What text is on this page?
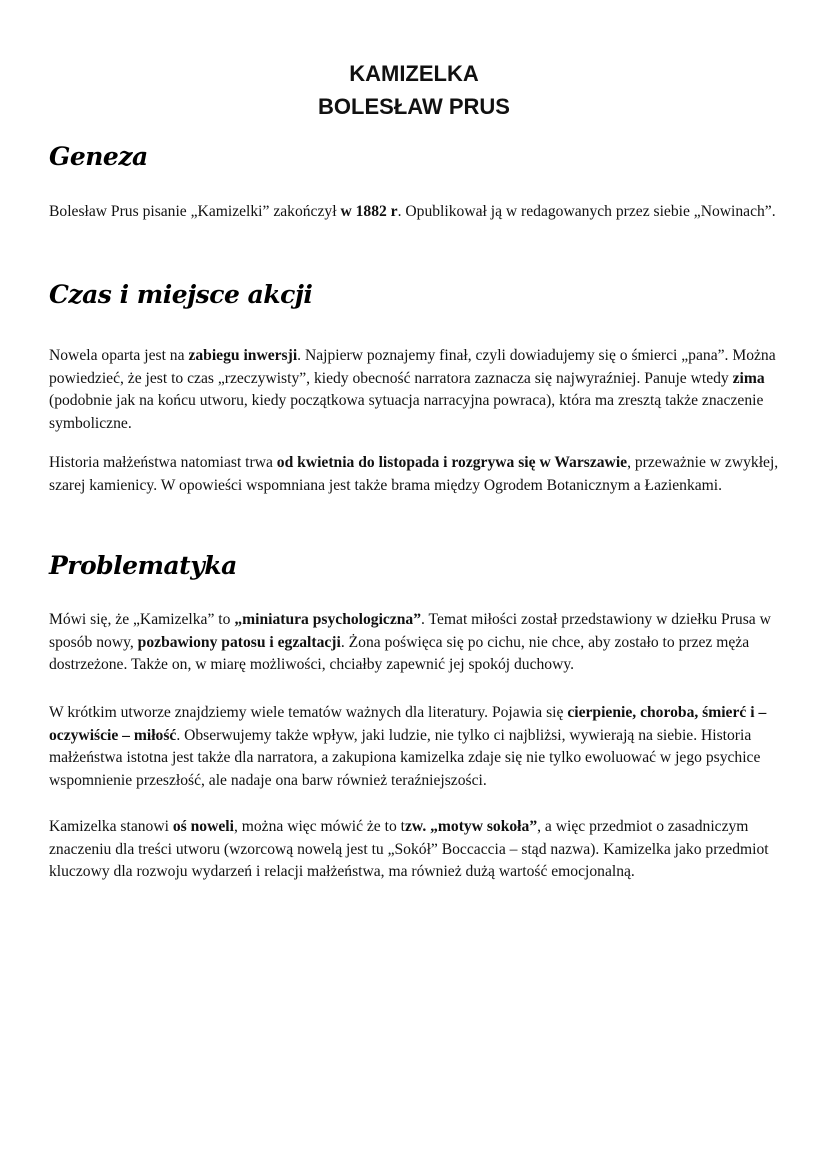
KAMIZELKA
BOLESŁAW PRUS
Geneza
Bolesław Prus pisanie „Kamizelki” zakończył w 1882 r. Opublikował ją w redagowanych przez siebie „Nowinach”.
Czas i miejsce akcji
Nowela oparta jest na zabiegu inwersji. Najpierw poznajemy finał, czyli dowiadujemy się o śmierci „pana”. Można powiedzieć, że jest to czas „rzeczywisty”, kiedy obecność narratora zaznacza się najwyraźniej. Panuje wtedy zima (podobnie jak na końcu utworu, kiedy początkowa sytuacja narracyjna powraca), która ma zresztą także znaczenie symboliczne.
Historia małżeństwa natomiast trwa od kwietnia do listopada i rozgrywa się w Warszawie, przeważnie w zwykłej, szarej kamienicy. W opowieści wspomniana jest także brama między Ogrodem Botanicznym a Łazienkami.
Problematyka
Mówi się, że „Kamizelka” to „miniatura psychologiczna”. Temat miłości został przedstawiony w dziełku Prusa w sposób nowy, pozbawiony patosu i egzaltacji. Żona poświęca się po cichu, nie chce, aby zostało to przez męża dostrzeżone. Także on, w miarę możliwości, chciałby zapewnić jej spokój duchowy.
W krótkim utworze znajdziemy wiele tematów ważnych dla literatury. Pojawia się cierpienie, choroba, śmierć i – oczywiście – miłość. Obserwujemy także wpływ, jaki ludzie, nie tylko ci najbliżsi, wywierają na siebie. Historia małżeństwa istotna jest także dla narratora, a zakupiona kamizelka zdaje się nie tylko ewoluować w jego psychice wspomnienie przeszłość, ale nadaje ona barw również teraźniejszości.
Kamizelka stanowi oś noweli, można więc mówić że to tzw. „motyw sokoła”, a więc przedmiot o zasadniczym znaczeniu dla treści utworu (wzorcową nowelą jest tu „Sokół” Boccaccia – stąd nazwa). Kamizelka jako przedmiot kluczowy dla rozwoju wydarzeń i relacji małżeństwa, ma również dużą wartość emocjonalną.
